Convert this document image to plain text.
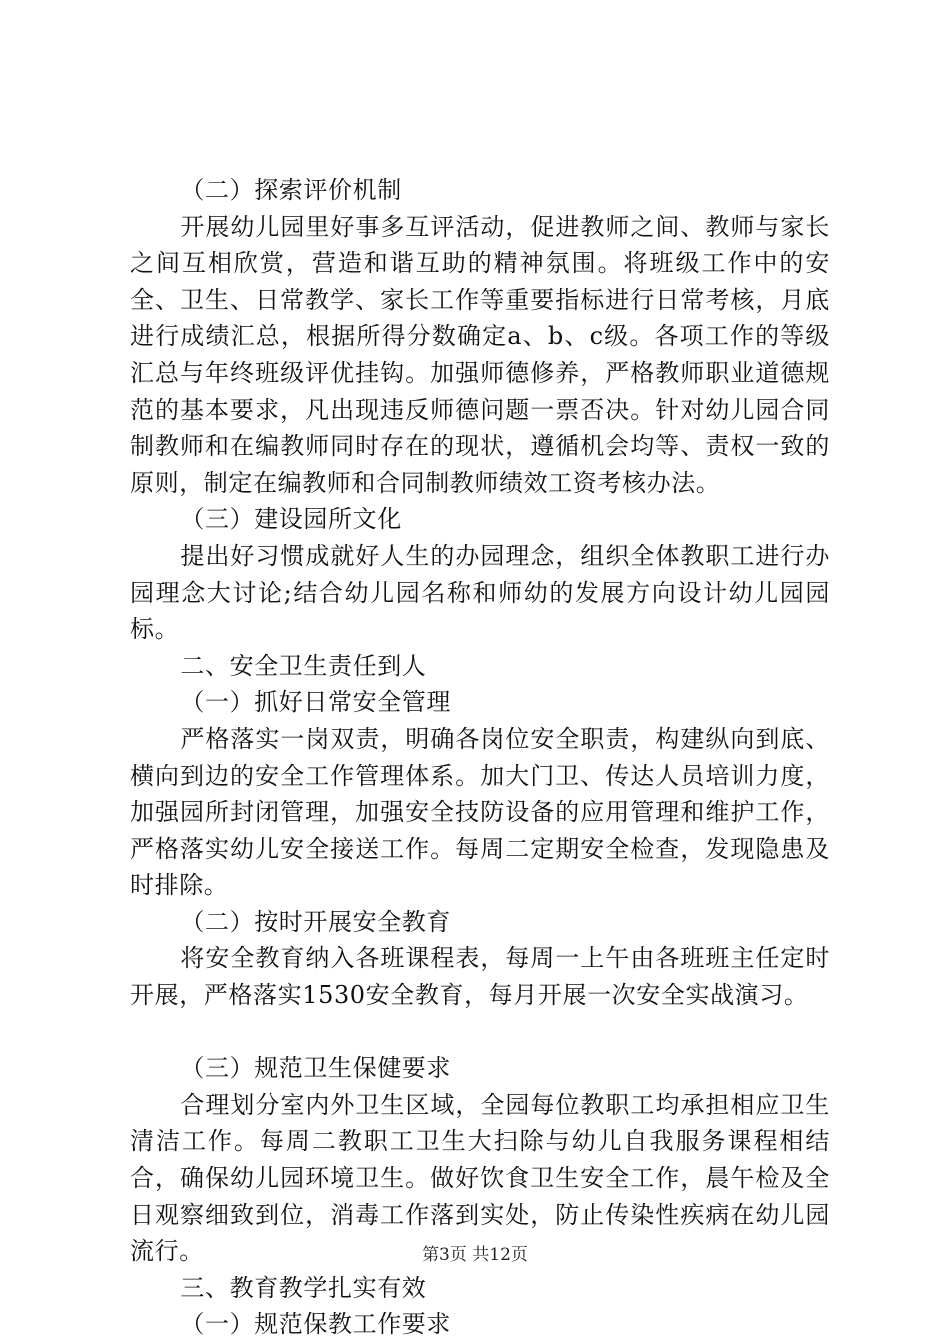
（二）探索评价机制

开展幼儿园里好事多互评活动，促进教师之间、教师与家长之间互相欣赏，营造和谐互助的精神氛围。将班级工作中的安全、卫生、日常教学、家长工作等重要指标进行日常考核，月底进行成绩汇总，根据所得分数确定a、b、c级。各项工作的等级汇总与年终班级评优挂钩。加强师德修养，严格教师职业道德规范的基本要求，凡出现违反师德问题一票否决。针对幼儿园合同制教师和在编教师同时存在的现状，遵循机会均等、责权一致的原则，制定在编教师和合同制教师绩效工资考核办法。

（三）建设园所文化

提出好习惯成就好人生的办园理念，组织全体教职工进行办园理念大讨论;结合幼儿园名称和师幼的发展方向设计幼儿园园标。

二、安全卫生责任到人

（一）抓好日常安全管理

严格落实一岗双责，明确各岗位安全职责，构建纵向到底、横向到边的安全工作管理体系。加大门卫、传达人员培训力度，加强园所封闭管理，加强安全技防设备的应用管理和维护工作，严格落实幼儿安全接送工作。每周二定期安全检查，发现隐患及时排除。

（二）按时开展安全教育

将安全教育纳入各班课程表，每周一上午由各班班主任定时开展，严格落实1530安全教育，每月开展一次安全实战演习。

（三）规范卫生保健要求

合理划分室内外卫生区域，全园每位教职工均承担相应卫生清洁工作。每周二教职工卫生大扫除与幼儿自我服务课程相结合，确保幼儿园环境卫生。做好饮食卫生安全工作，晨午检及全日观察细致到位，消毒工作落到实处，防止传染性疾病在幼儿园流行。

三、教育教学扎实有效

（一）规范保教工作要求

第3页 共12页
